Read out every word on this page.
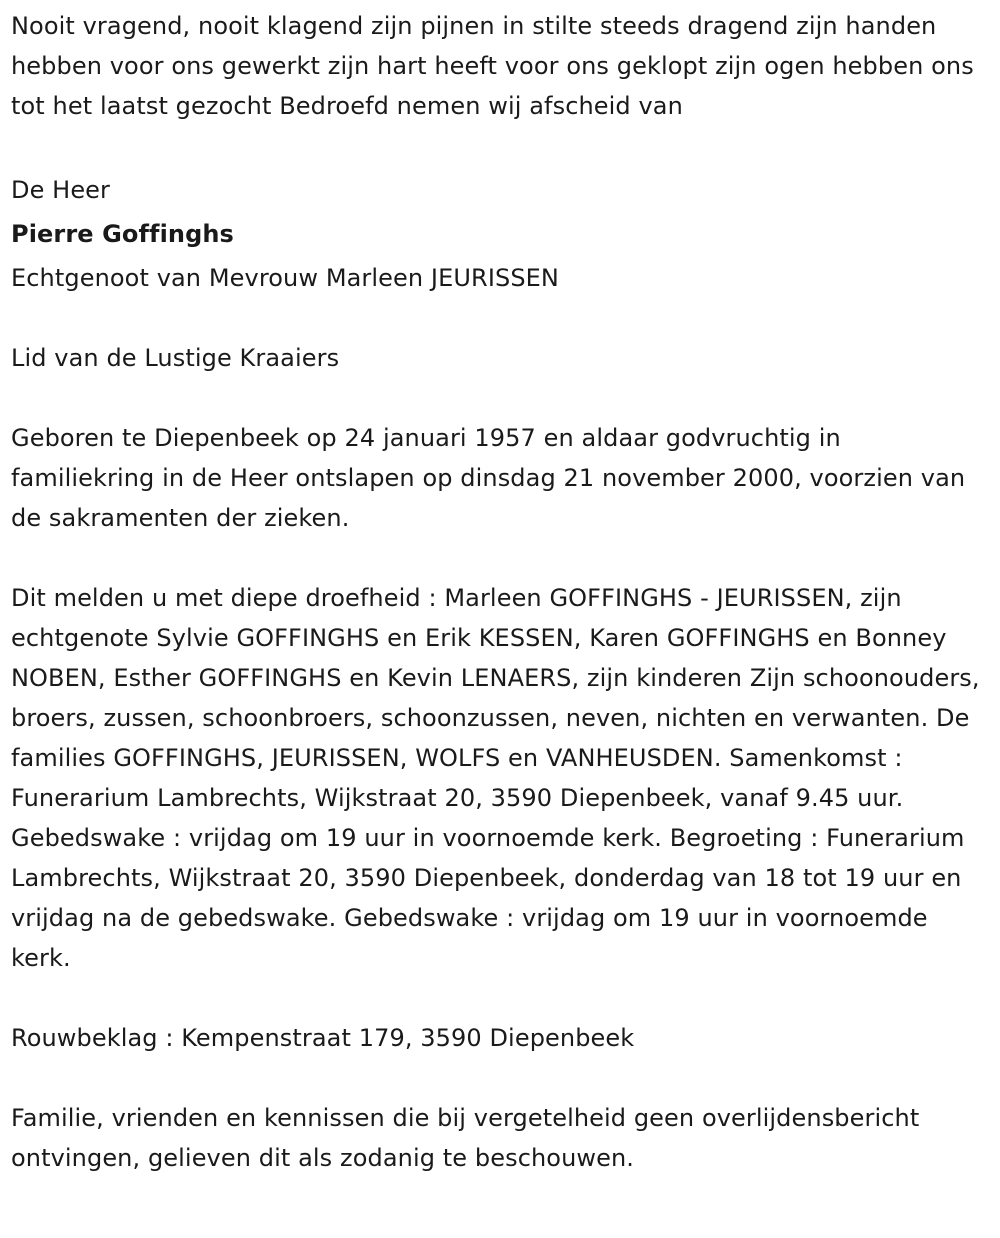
Nooit vragend, nooit klagend zijn pijnen in stilte steeds dragend zijn handen hebben voor ons gewerkt zijn hart heeft voor ons geklopt zijn ogen hebben ons tot het laatst gezocht Bedroefd nemen wij afscheid van

De Heer

Pierre Goffinghs

Echtgenoot van Mevrouw Marleen JEURISSEN

Lid van de Lustige Kraaiers

Geboren te Diepenbeek op 24 januari 1957 en aldaar godvruchtig in familiekring in de Heer ontslapen op dinsdag 21 november 2000, voorzien van de sakramenten der zieken.

Dit melden u met diepe droefheid : Marleen GOFFINGHS - JEURISSEN, zijn echtgenote Sylvie GOFFINGHS en Erik KESSEN, Karen GOFFINGHS en Bonney NOBEN, Esther GOFFINGHS en Kevin LENAERS, zijn kinderen Zijn schoonouders, broers, zussen, schoonbroers, schoonzussen, neven, nichten en verwanten. De families GOFFINGHS, JEURISSEN, WOLFS en VANHEUSDEN. Samenkomst : Funerarium Lambrechts, Wijkstraat 20, 3590 Diepenbeek, vanaf 9.45 uur. Gebedswake : vrijdag om 19 uur in voornoemde kerk. Begroeting : Funerarium Lambrechts, Wijkstraat 20, 3590 Diepenbeek, donderdag van 18 tot 19 uur en vrijdag na de gebedswake. Gebedswake : vrijdag om 19 uur in voornoemde kerk.

Rouwbeklag : Kempenstraat 179, 3590 Diepenbeek

Familie, vrienden en kennissen die bij vergetelheid geen overlijdensbericht ontvingen, gelieven dit als zodanig te beschouwen.
